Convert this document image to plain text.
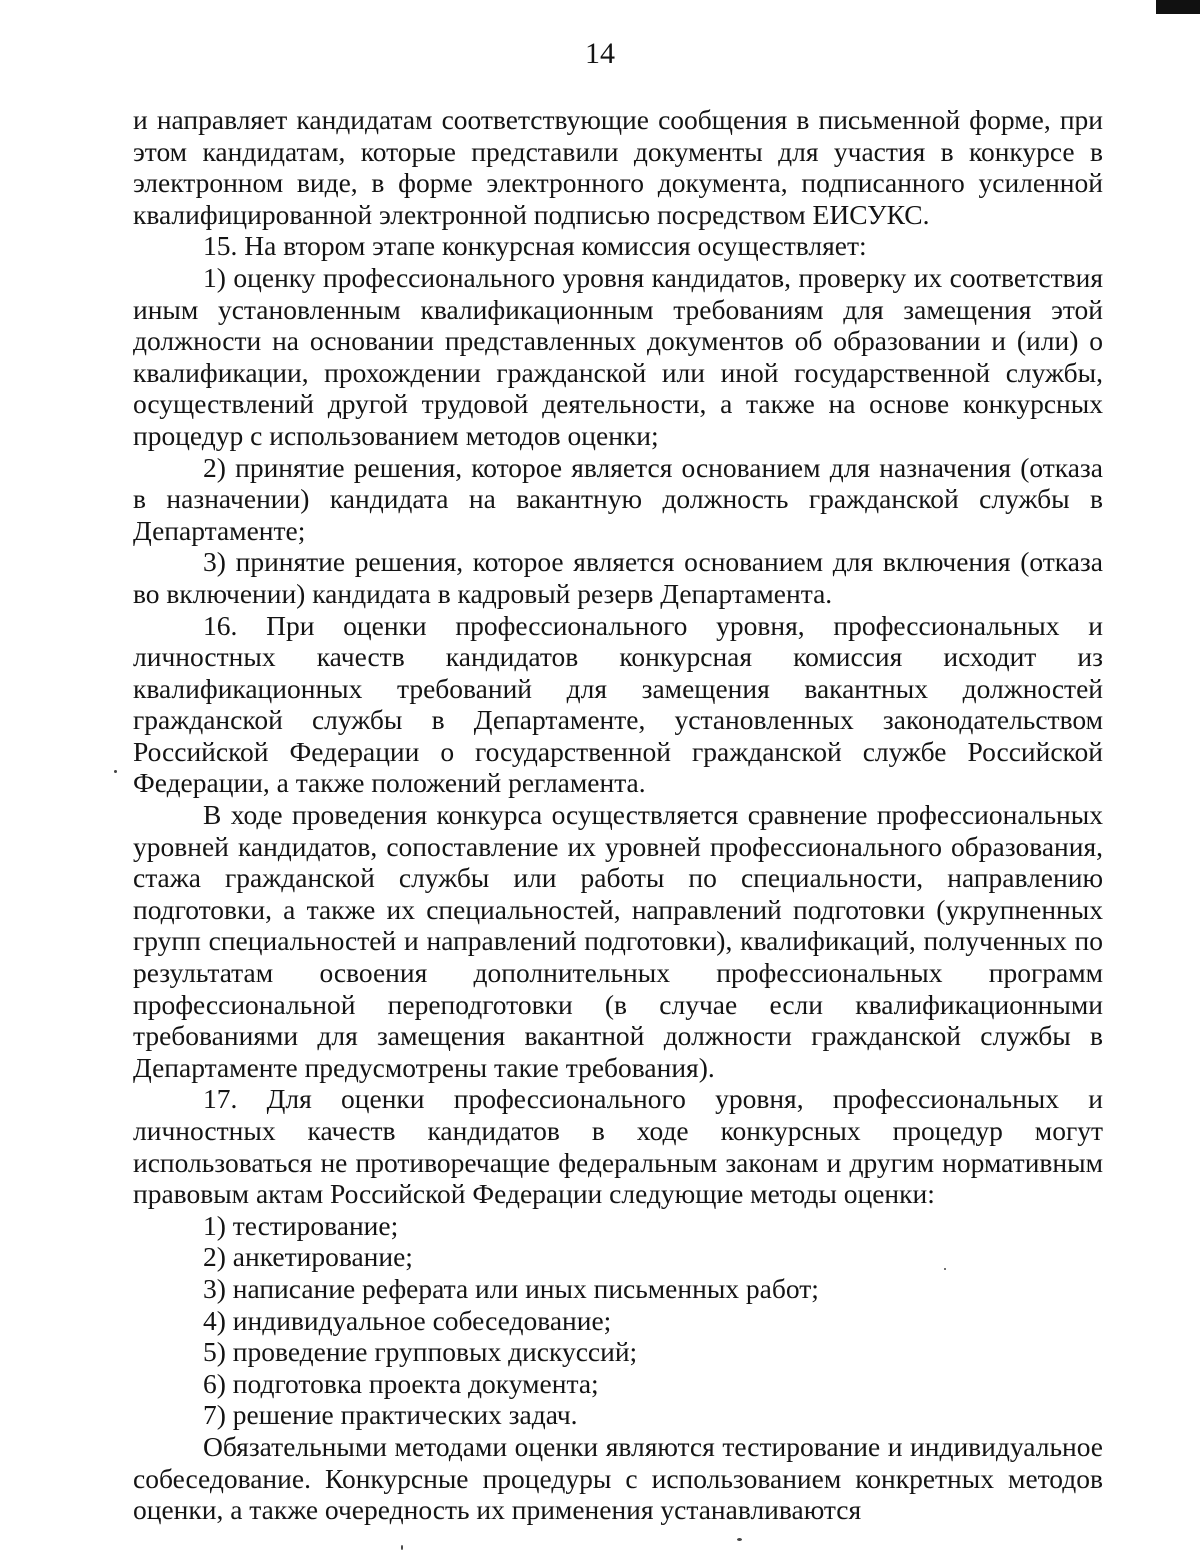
14

и направляет кандидатам соответствующие сообщения в письменной форме, при этом кандидатам, которые представили документы для участия в конкурсе в электронном виде, в форме электронного документа, подписанного усиленной квалифицированной электронной подписью посредством ЕИСУКС.

15. На втором этапе конкурсная комиссия осуществляет:

1) оценку профессионального уровня кандидатов, проверку их соответствия иным установленным квалификационным требованиям для замещения этой должности на основании представленных документов об образовании и (или) о квалификации, прохождении гражданской или иной государственной службы, осуществлений другой трудовой деятельности, а также на основе конкурсных процедур с использованием методов оценки;

2) принятие решения, которое является основанием для назначения (отказа в назначении) кандидата на вакантную должность гражданской службы в Департаменте;

3) принятие решения, которое является основанием для включения (отказа во включении) кандидата в кадровый резерв Департамента.

16. При оценки профессионального уровня, профессиональных и личностных качеств кандидатов конкурсная комиссия исходит из квалификационных требований для замещения вакантных должностей гражданской службы в Департаменте, установленных законодательством Российской Федерации о государственной гражданской службе Российской Федерации, а также положений регламента.

В ходе проведения конкурса осуществляется сравнение профессиональных уровней кандидатов, сопоставление их уровней профессионального образования, стажа гражданской службы или работы по специальности, направлению подготовки, а также их специальностей, направлений подготовки (укрупненных групп специальностей и направлений подготовки), квалификаций, полученных по результатам освоения дополнительных профессиональных программ профессиональной переподготовки (в случае если квалификационными требованиями для замещения вакантной должности гражданской службы в Департаменте предусмотрены такие требования).

17. Для оценки профессионального уровня, профессиональных и личностных качеств кандидатов в ходе конкурсных процедур могут использоваться не противоречащие федеральным законам и другим нормативным правовым актам Российской Федерации следующие методы оценки:

1) тестирование;

2) анкетирование;

3) написание реферата или иных письменных работ;

4) индивидуальное собеседование;

5) проведение групповых дискуссий;

6) подготовка проекта документа;

7) решение практических задач.

Обязательными методами оценки являются тестирование и индивидуальное собеседование. Конкурсные процедуры с использованием конкретных методов оценки, а также очередность их применения устанавливаются
